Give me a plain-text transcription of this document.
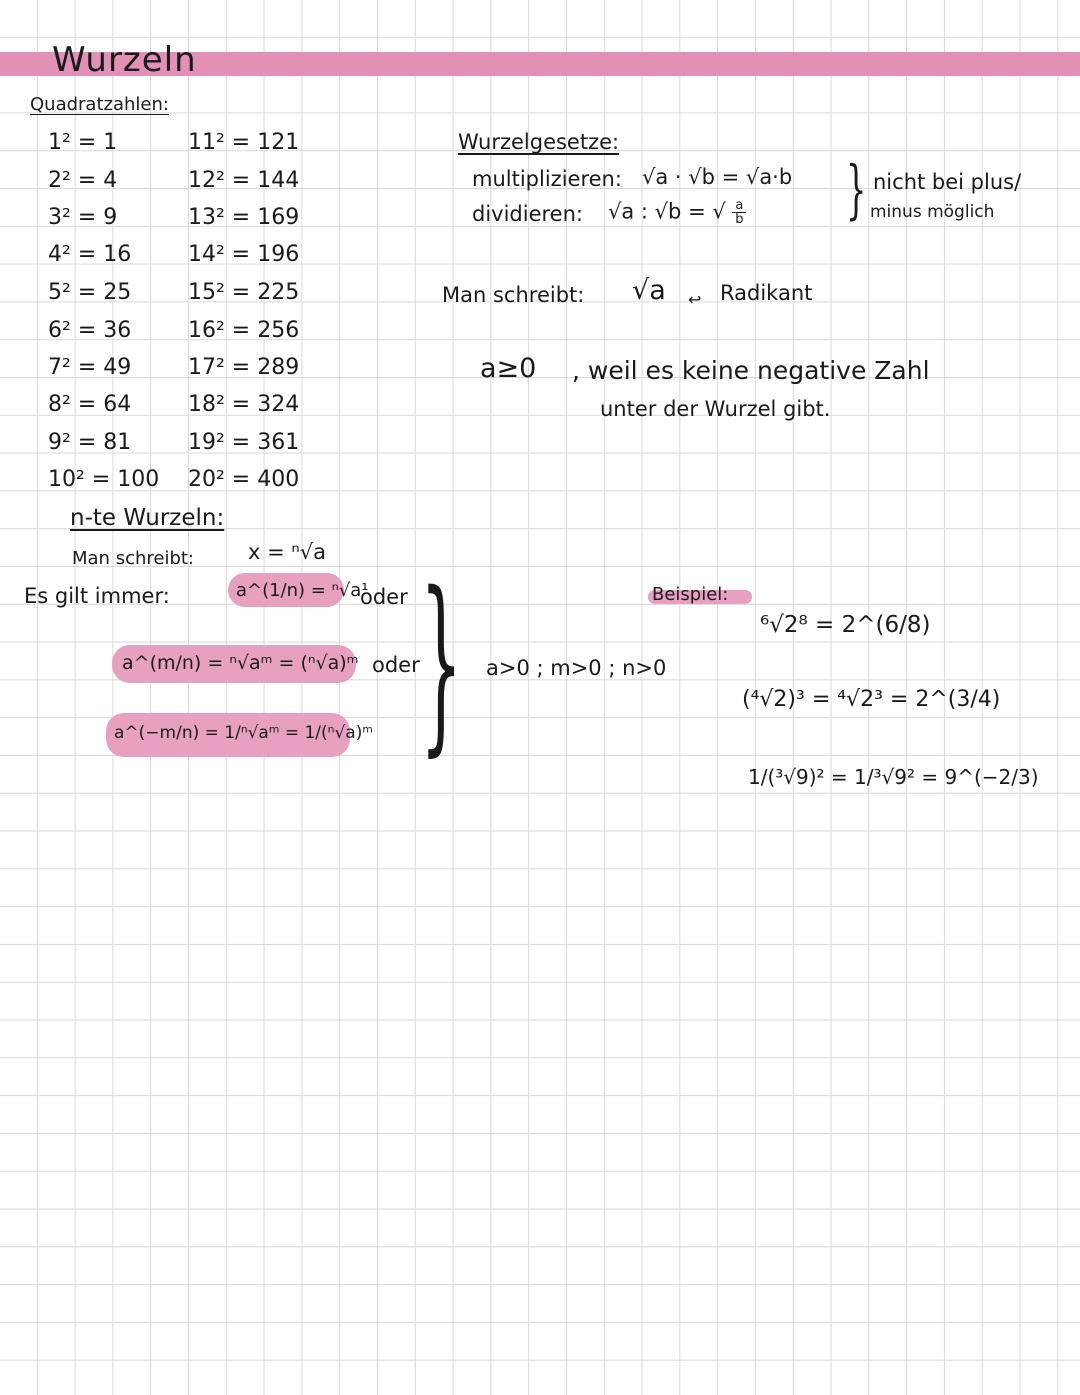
Wurzeln
Quadratzahlen:
1² = 1
2² = 4
3² = 9
4² = 16
5² = 25
6² = 36
7² = 49
8² = 64
9² = 81
10² = 100
11² = 121
12² = 144
13² = 169
14² = 196
15² = 225
16² = 256
17² = 289
18² = 324
19² = 361
20² = 400
Wurzelgesetze:
multiplizieren: √a · √b = √a·b
dividieren: √a : √b = √ $\frac{a}{b}$ } nicht bei plus/
minus möglich
Man schreibt: √a ↩ Radikant
a≥0 , weil es keine negative Zahl
unter der Wurzel gibt.
n-te Wurzeln:
Man schreibt:	x = ⁿ√a
Es gilt immer:	a^(1/n) = ⁿ√a¹
oder
a^(m/n) = ⁿ√aᵐ = (ⁿ√a)ᵐ oder
a^(−m/n) = 1/ⁿ√aᵐ = 1/(ⁿ√a)ᵐ } a>0 ; m>0 ; n>0
Beispiel:
⁶√2⁸ = 2^(6/8)
(⁴√2)³ = ⁴√2³ = 2^(3/4)
1/(³√9)² = 1/³√9² = 9^(−2/3)
